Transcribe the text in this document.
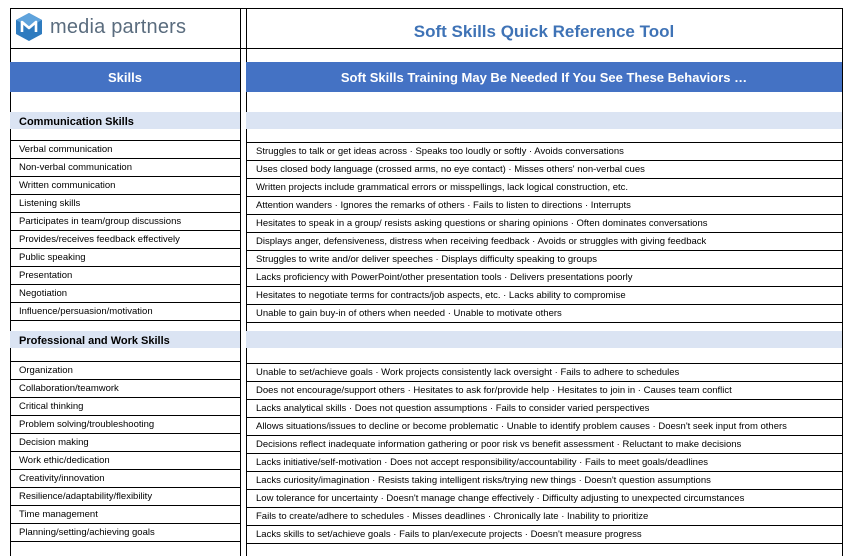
media partners	Soft Skills Quick Reference Tool
Skills	Soft Skills Training May Be Needed If You See These Behaviors …
Communication Skills
Verbal communication	Struggles to talk or get ideas across · Speaks too loudly or softly · Avoids conversations
Non-verbal communication	Uses closed body language (crossed arms, no eye contact) · Misses others' non-verbal cues
Written communication	Written projects include grammatical errors or misspellings, lack logical construction, etc.
Listening skills	Attention wanders · Ignores the remarks of others · Fails to listen to directions · Interrupts
Participates in team/group discussions	Hesitates to speak in a group/ resists asking questions or sharing opinions · Often dominates conversations
Provides/receives feedback effectively	Displays anger, defensiveness, distress when receiving feedback · Avoids or struggles with giving feedback
Public speaking	Struggles to write and/or deliver speeches · Displays difficulty speaking to groups
Presentation	Lacks proficiency with PowerPoint/other presentation tools · Delivers presentations poorly
Negotiation	Hesitates to negotiate terms for contracts/job aspects, etc. · Lacks ability to compromise
Influence/persuasion/motivation	Unable to gain buy-in of others when needed · Unable to motivate others
Professional and Work Skills
Organization	Unable to set/achieve goals · Work projects consistently lack oversight · Fails to adhere to schedules
Collaboration/teamwork	Does not encourage/support others · Hesitates to ask for/provide help · Hesitates to join in · Causes team conflict
Critical thinking	Lacks analytical skills · Does not question assumptions · Fails to consider varied perspectives
Problem solving/troubleshooting	Allows situations/issues to decline or become problematic · Unable to identify problem causes · Doesn't seek input from others
Decision making	Decisions reflect inadequate information gathering or poor risk vs benefit assessment · Reluctant to make decisions
Work ethic/dedication	Lacks initiative/self-motivation · Does not accept responsibility/accountability · Fails to meet goals/deadlines
Creativity/innovation	Lacks curiosity/imagination · Resists taking intelligent risks/trying new things · Doesn't question assumptions
Resilience/adaptability/flexibility	Low tolerance for uncertainty · Doesn't manage change effectively · Difficulty adjusting to unexpected circumstances
Time management	Fails to create/adhere to schedules · Misses deadlines · Chronically late · Inability to prioritize
Planning/setting/achieving goals	Lacks skills to set/achieve goals · Fails to plan/execute projects · Doesn't measure progress
